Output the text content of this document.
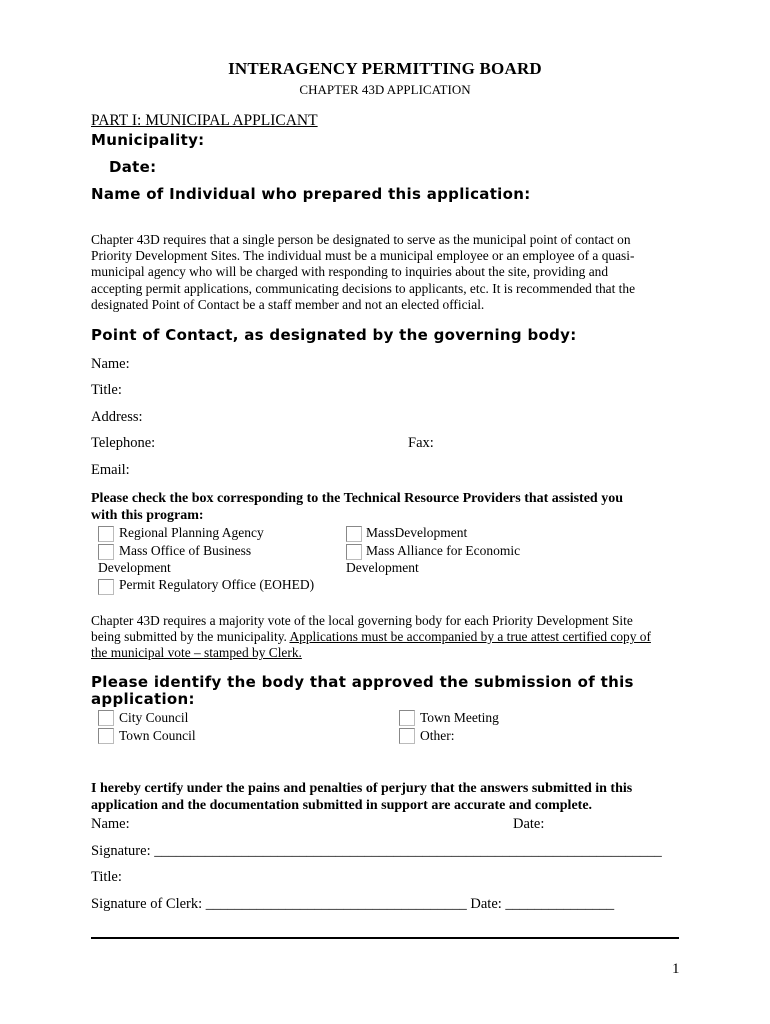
INTERAGENCY PERMITTING BOARD
CHAPTER 43D APPLICATION
PART I: MUNICIPAL APPLICANT
Municipality:
Date:
Name of Individual who prepared this application:
Chapter 43D requires that a single person be designated to serve as the municipal point of contact on
Priority Development Sites. The individual must be a municipal employee or an employee of a quasi-
municipal agency who will be charged with responding to inquiries about the site, providing and
accepting permit applications, communicating decisions to applicants, etc. It is recommended that the
designated Point of Contact be a staff member and not an elected official.
Point of Contact, as designated by the governing body:
Name:
Title:
Address:
Telephone:	Fax:
Email:
Please check the box corresponding to the Technical Resource Providers that assisted you
with this program:
Regional Planning Agency
Mass Office of Business
Development
Permit Regulatory Office (EOHED)
MassDevelopment
Mass Alliance for Economic
Development
Chapter 43D requires a majority vote of the local governing body for each Priority Development Site
being submitted by the municipality. Applications must be accompanied by a true attest certified copy of
the municipal vote – stamped by Clerk.
Please identify the body that approved the submission of this
application:
City Council
Town Council
Town Meeting
Other:
I hereby certify under the pains and penalties of perjury that the answers submitted in this
application and the documentation submitted in support are accurate and complete.
Name:	Date:
Signature: ______________________________________________________________________
Title:
Signature of Clerk: ____________________________________ Date: _______________
1
